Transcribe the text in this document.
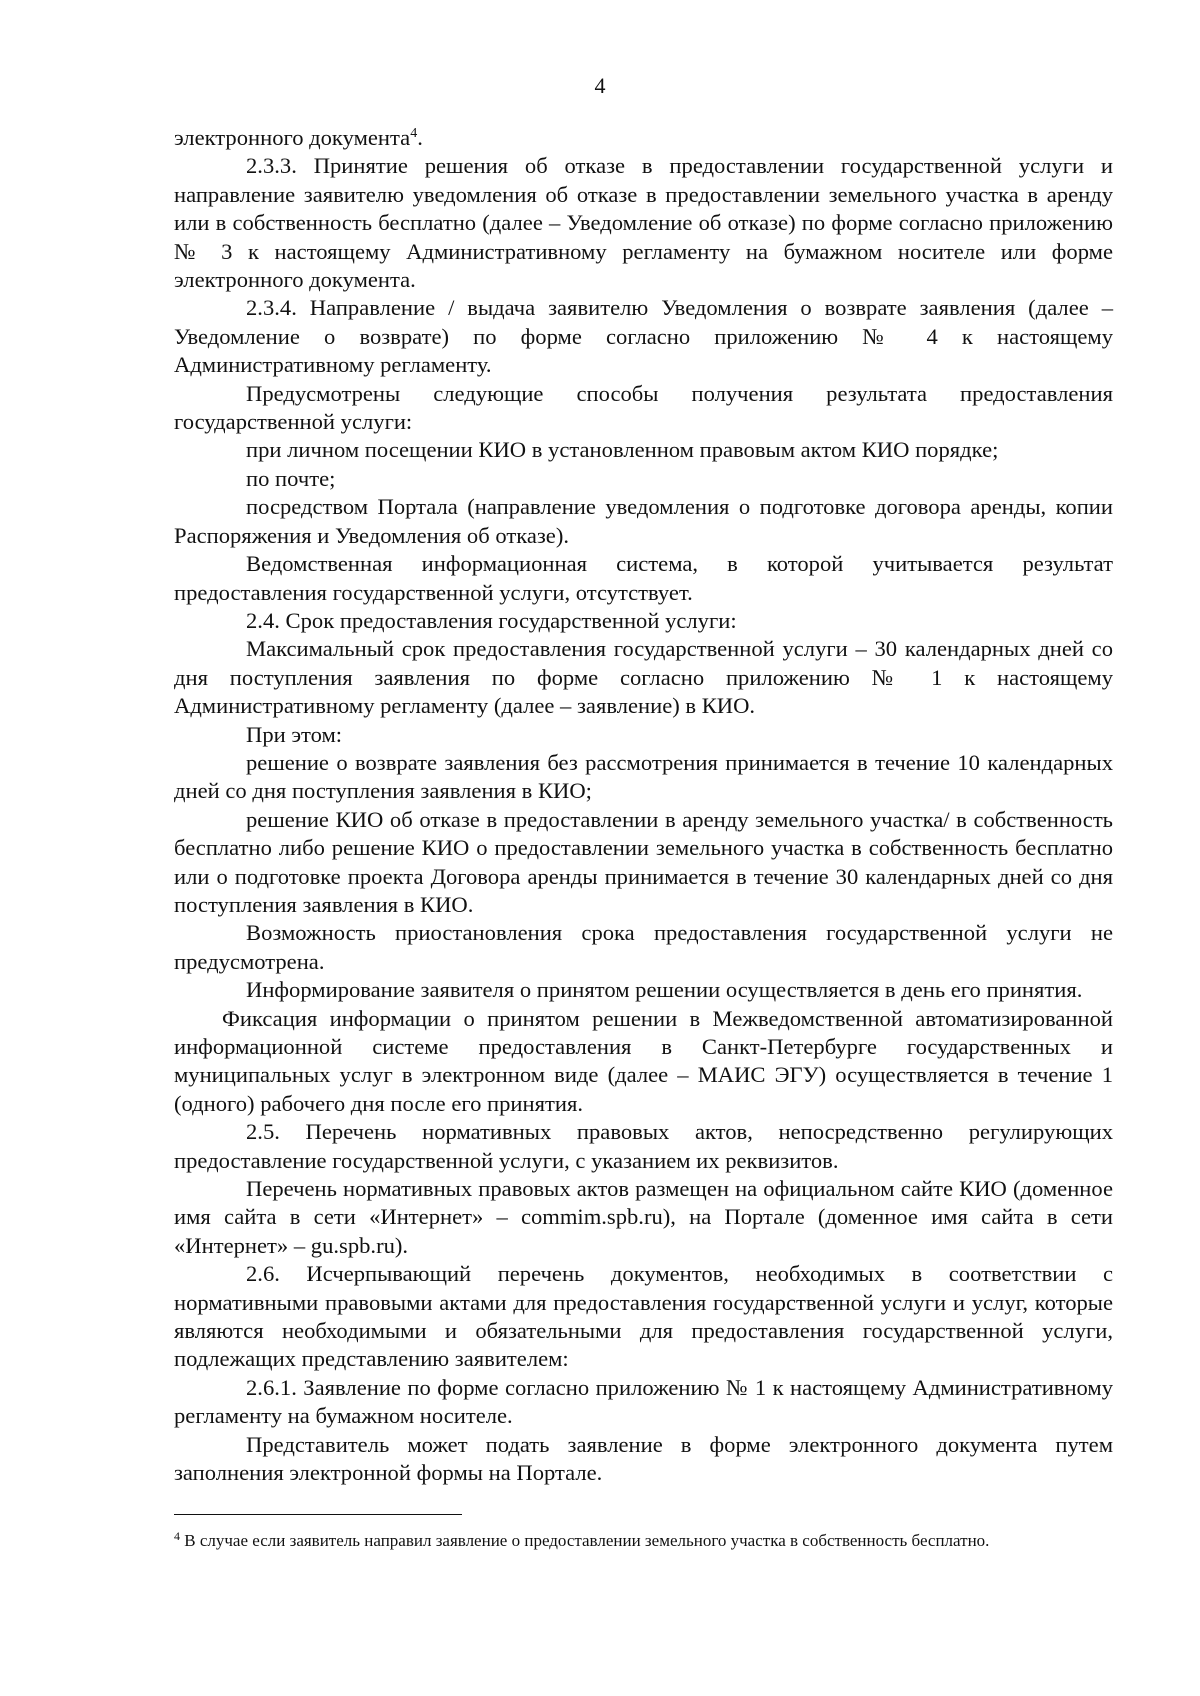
4

электронного документа$^4$.

2.3.3. Принятие решения об отказе в предоставлении государственной услуги и направление заявителю уведомления об отказе в предоставлении земельного участка в аренду или в собственность бесплатно (далее – Уведомление об отказе) по форме согласно приложению № 3 к настоящему Административному регламенту на бумажном носителе или форме электронного документа.

2.3.4. Направление / выдача заявителю Уведомления о возврате заявления (далее – Уведомление о возврате) по форме согласно приложению № 4 к настоящему Административному регламенту.

Предусмотрены следующие способы получения результата предоставления государственной услуги:

при личном посещении КИО в установленном правовым актом КИО порядке;

по почте;

посредством Портала (направление уведомления о подготовке договора аренды, копии Распоряжения и Уведомления об отказе).

Ведомственная информационная система, в которой учитывается результат предоставления государственной услуги, отсутствует.

2.4. Срок предоставления государственной услуги:

Максимальный срок предоставления государственной услуги – 30 календарных дней со дня поступления заявления по форме согласно приложению № 1 к настоящему Административному регламенту (далее – заявление) в КИО.

При этом:

решение о возврате заявления без рассмотрения принимается в течение 10 календарных дней со дня поступления заявления в КИО;

решение КИО об отказе в предоставлении в аренду земельного участка/ в собственность бесплатно либо решение КИО о предоставлении земельного участка в собственность бесплатно или о подготовке проекта Договора аренды принимается в течение 30 календарных дней со дня поступления заявления в КИО.

Возможность приостановления срока предоставления государственной услуги не предусмотрена.

Информирование заявителя о принятом решении осуществляется в день его принятия.

Фиксация информации о принятом решении в Межведомственной автоматизированной информационной системе предоставления в Санкт-Петербурге государственных и муниципальных услуг в электронном виде (далее – МАИС ЭГУ) осуществляется в течение 1 (одного) рабочего дня после его принятия.

2.5. Перечень нормативных правовых актов, непосредственно регулирующих предоставление государственной услуги, с указанием их реквизитов.

Перечень нормативных правовых актов размещен на официальном сайте КИО (доменное имя сайта в сети «Интернет» – commim.spb.ru), на Портале (доменное имя сайта в сети «Интернет» – gu.spb.ru).

2.6. Исчерпывающий перечень документов, необходимых в соответствии с нормативными правовыми актами для предоставления государственной услуги и услуг, которые являются необходимыми и обязательными для предоставления государственной услуги, подлежащих представлению заявителем:

2.6.1. Заявление по форме согласно приложению № 1 к настоящему Административному регламенту на бумажном носителе.

Представитель может подать заявление в форме электронного документа путем заполнения электронной формы на Портале.

$^4$ В случае если заявитель направил заявление о предоставлении земельного участка в собственность бесплатно.
